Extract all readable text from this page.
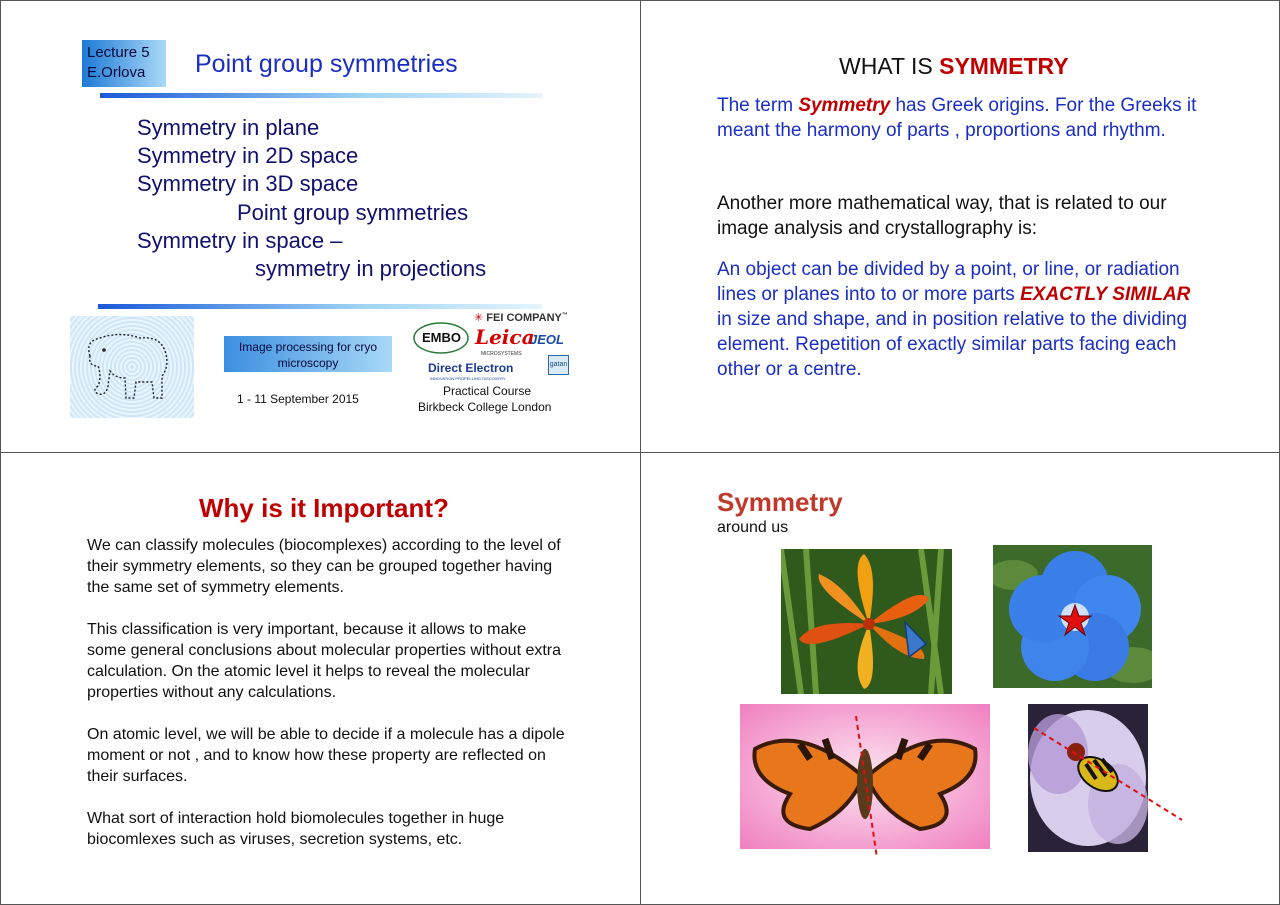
Lecture 5
E.Orlova	Point group symmetries
Symmetry in plane
Symmetry in 2D space
Symmetry in 3D space
Point group symmetries
Symmetry in space –
symmetry in projections
Image processing for cryo microscopy
1 - 11 September 2015
✳ FEI COMPANY™
EMBO Leica
MICROSYSTEMS
JEOL
Direct Electron
INNOVATION PROPELLING DISCOVERY
gatan
Practical Course
Birkbeck College London
WHAT IS SYMMETRY
The term Symmetry has Greek origins. For the Greeks it meant the harmony of parts , proportions and rhythm.
Another more mathematical way, that is related to our image analysis and crystallography is:
An object can be divided by a point, or line, or radiation lines or planes into to or more parts EXACTLY SIMILAR in size and shape, and in position relative to the dividing element. Repetition of exactly similar parts facing each other or a centre.
Why is it Important?
We can classify molecules (biocomplexes) according to the level of their symmetry elements, so they can be grouped together having the same set of symmetry elements.
This classification is very important, because it allows to make some general conclusions about molecular properties without extra calculation. On the atomic level it helps to reveal the molecular properties without any calculations.
On atomic level, we will be able to decide if a molecule has a dipole moment or not , and to know how these property are reflected on their surfaces.
What sort of interaction hold biomolecules together in huge biocomlexes such as viruses, secretion systems, etc.
Symmetry
around us
